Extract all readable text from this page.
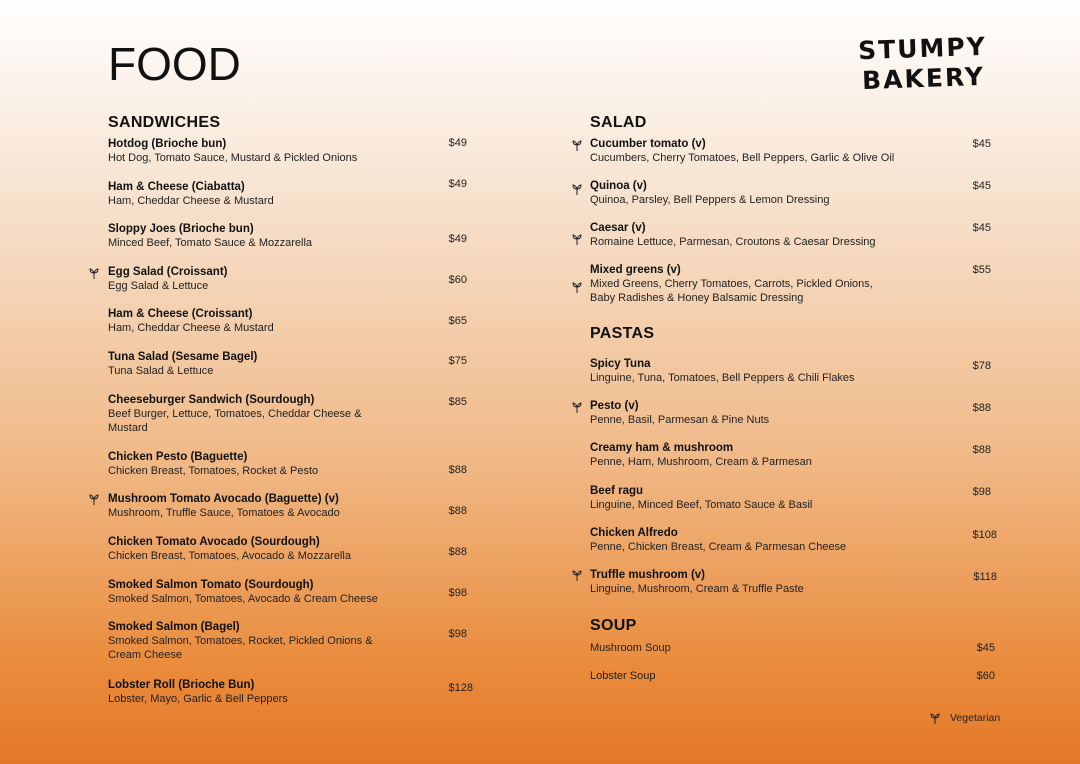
FOOD	STUMPY
BAKERY
SANDWICHES
Hotdog (Brioche bun)
Hot Dog, Tomato Sauce, Mustard & Pickled Onions
$49
Ham & Cheese (Ciabatta)
Ham, Cheddar Cheese & Mustard
$49
Sloppy Joes (Brioche bun)
Minced Beef, Tomato Sauce & Mozzarella	$49
Egg Salad (Croissant)
Egg Salad & Lettuce	$60
Ham & Cheese (Croissant)
Ham, Cheddar Cheese & Mustard
$65
Tuna Salad (Sesame Bagel)
Tuna Salad & Lettuce
$75
Cheeseburger Sandwich (Sourdough)
Beef Burger, Lettuce, Tomatoes, Cheddar Cheese &
Mustard
$85
Chicken Pesto (Baguette)
Chicken Breast, Tomatoes, Rocket & Pesto	$88
Mushroom Tomato Avocado (Baguette) (v)
Mushroom, Truffle Sauce, Tomatoes & Avocado	$88
Chicken Tomato Avocado (Sourdough)
Chicken Breast, Tomatoes, Avocado & Mozzarella	$88
Smoked Salmon Tomato (Sourdough)
Smoked Salmon, Tomatoes, Avocado & Cream Cheese	$98
Smoked Salmon (Bagel)
Smoked Salmon, Tomatoes, Rocket, Pickled Onions &
Cream Cheese
$98
Lobster Roll (Brioche Bun)
Lobster, Mayo, Garlic & Bell Peppers
$128
SALAD
Cucumber tomato (v)
Cucumbers, Cherry Tomatoes, Bell Peppers, Garlic & Olive Oil
$45
Quinoa (v)
Quinoa, Parsley, Bell Peppers & Lemon Dressing
$45
Caesar (v)
Romaine Lettuce, Parmesan, Croutons & Caesar Dressing
$45
Mixed greens (v)
Mixed Greens, Cherry Tomatoes, Carrots, Pickled Onions,
Baby Radishes & Honey Balsamic Dressing
$55
PASTAS
Spicy Tuna
Linguine, Tuna, Tomatoes, Bell Peppers & Chili Flakes
$78
Pesto (v)
Penne, Basil, Parmesan & Pine Nuts
$88
Creamy ham & mushroom
Penne, Ham, Mushroom, Cream & Parmesan
$88
Beef ragu
Linguine, Minced Beef, Tomato Sauce & Basil
$98
Chicken Alfredo
Penne, Chicken Breast, Cream & Parmesan Cheese
$108
Truffle mushroom (v)
Linguine, Mushroom, Cream & Truffle Paste
$118
SOUP
Mushroom Soup	$45
Lobster Soup	$60
Vegetarian
